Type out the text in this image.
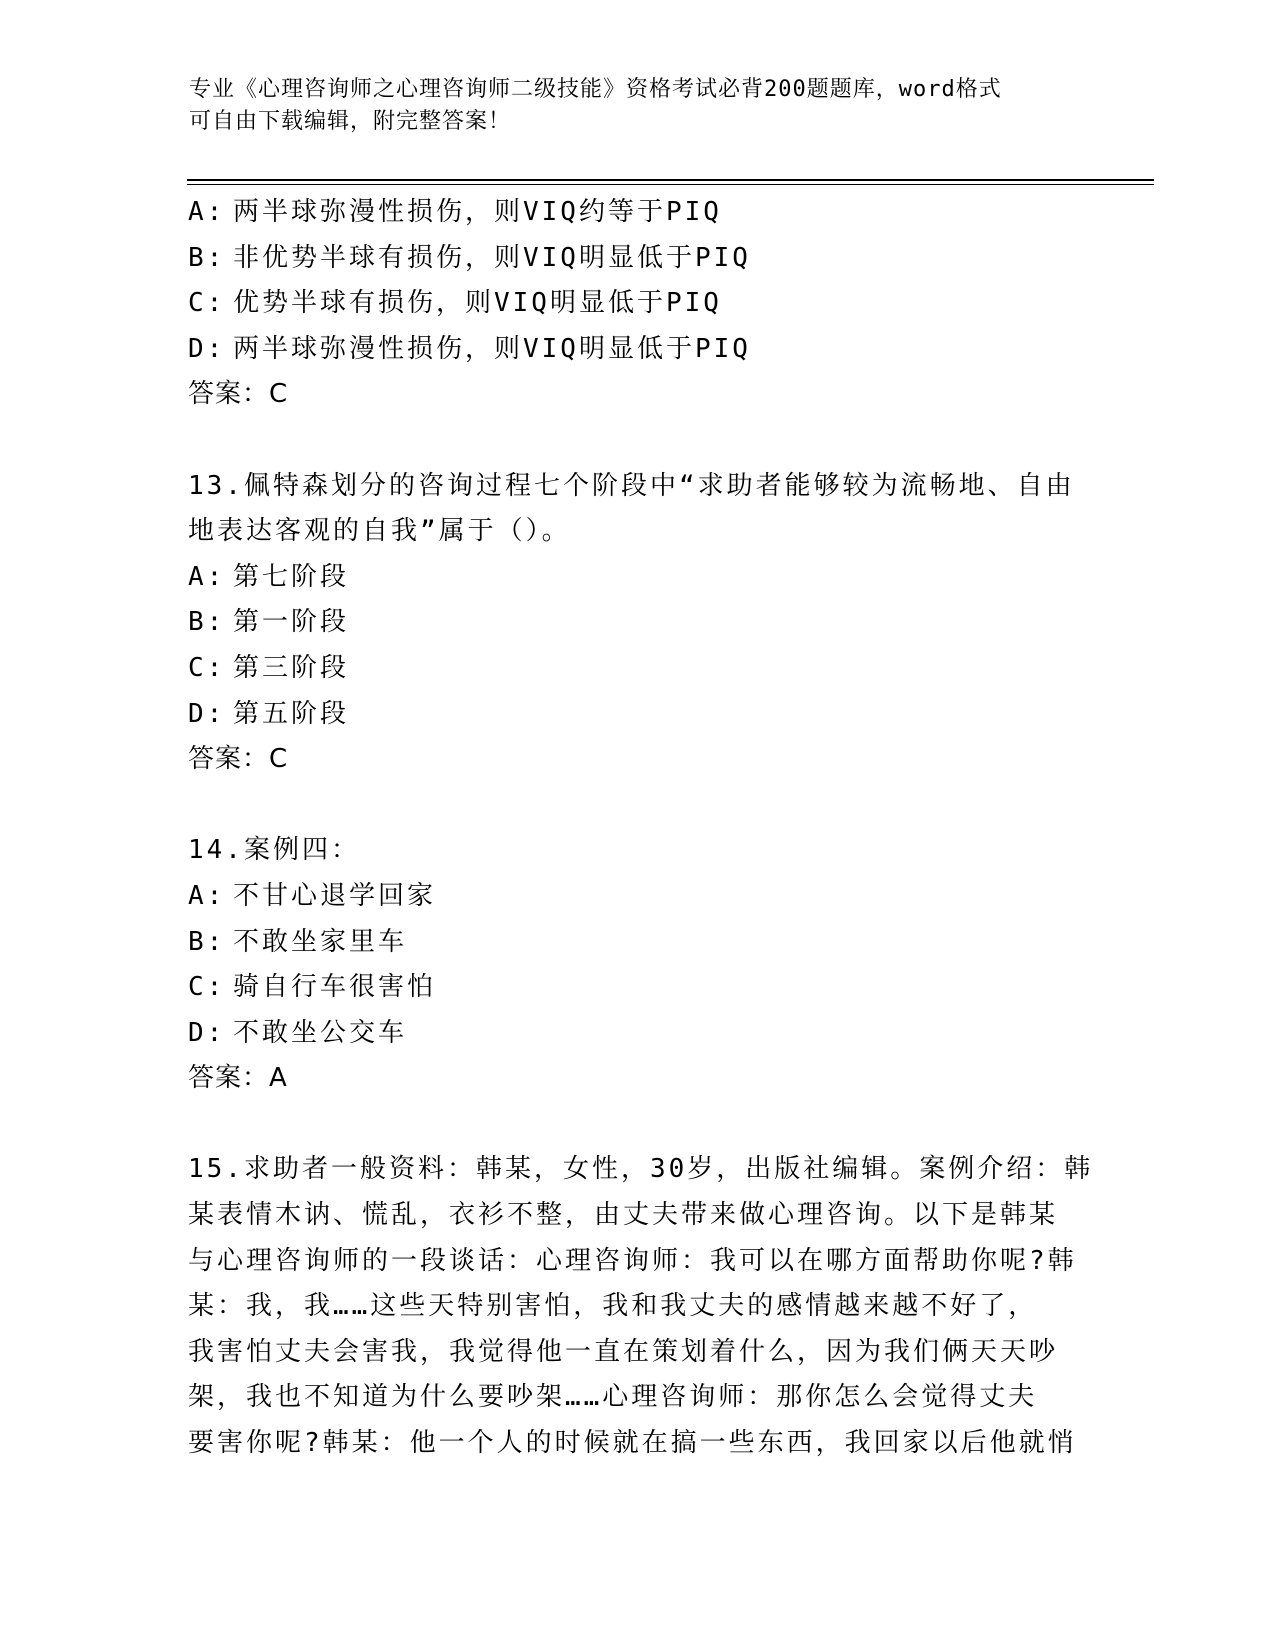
专业《心理咨询师之心理咨询师二级技能》资格考试必背200题题库，word格式
可自由下载编辑，附完整答案！
A: 两半球弥漫性损伤，则VIQ约等于PIQ
B: 非优势半球有损伤，则VIQ明显低于PIQ
C: 优势半球有损伤，则VIQ明显低于PIQ
D: 两半球弥漫性损伤，则VIQ明显低于PIQ
答案：C
13.佩特森划分的咨询过程七个阶段中“求助者能够较为流畅地、自由
地表达客观的自我”属于（）。
A: 第七阶段
B: 第一阶段
C: 第三阶段
D: 第五阶段
答案：C
14.案例四：
A: 不甘心退学回家
B: 不敢坐家里车
C: 骑自行车很害怕
D: 不敢坐公交车
答案：A
15.求助者一般资料：韩某，女性，30岁，出版社编辑。案例介绍：韩
某表情木讷、慌乱，衣衫不整，由丈夫带来做心理咨询。以下是韩某
与心理咨询师的一段谈话：心理咨询师：我可以在哪方面帮助你呢?韩
某：我，我……这些天特别害怕，我和我丈夫的感情越来越不好了，
我害怕丈夫会害我，我觉得他一直在策划着什么，因为我们俩天天吵
架，我也不知道为什么要吵架……心理咨询师：那你怎么会觉得丈夫
要害你呢?韩某：他一个人的时候就在搞一些东西，我回家以后他就悄
